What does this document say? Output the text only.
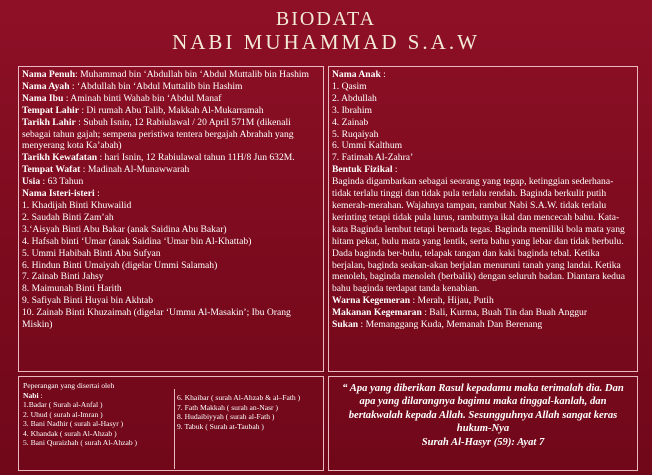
BIODATA
NABI MUHAMMAD S.A.W
Nama Penuh: Muhammad bin ‘Abdullah bin ‘Abdul Muttalib bin Hashim
Nama Ayah : ‘Abdullah bin ‘Abdul Muttalib bin Hashim
Nama Ibu : Aminah binti Wahab bin ‘Abdul Manaf
Tempat Lahir : Di rumah Abu Talib, Makkah Al-Mukarramah
Tarikh Lahir : Subuh Isnin, 12 Rabiulawal / 20 April 571M (dikenali sebagai tahun gajah; sempena peristiwa tentera bergajah Abrahah yang menyerang kota Ka’abah)
Tarikh Kewafatan : hari Isnin, 12 Rabiulawal tahun 11H/8 Jun 632M.
Tempat Wafat : Madinah Al-Munawwarah
Usia : 63 Tahun
Nama Isteri-isteri :
1. Khadijah Binti Khuwailid
2. Saudah Binti Zam’ah
3.‘Aisyah Binti Abu Bakar (anak Saidina Abu Bakar)
4. Hafsah binti ‘Umar (anak Saidina ‘Umar bin Al-Khattab)
5. Ummi Habibah Binti Abu Sufyan
6. Hindun Binti Umaiyah (digelar Ummi Salamah)
7. Zainab Binti Jahsy
8. Maimunah Binti Harith
9. Safiyah Binti Huyai bin Akhtab
10. Zainab Binti Khuzaimah (digelar ‘Ummu Al-Masakin’; Ibu Orang Miskin)
Nama Anak :
1. Qasim
2. Abdullah
3. Ibrahim
4. Zainab
5. Ruqaiyah
6. Ummi Kalthum
7. Fatimah Al-Zahra’
Bentuk Fizikal :
Baginda digambarkan sebagai seorang yang tegap, ketinggian sederhana- tidak terlalu tinggi dan tidak pula terlalu rendah. Baginda berkulit putih kemerah-merahan. Wajahnya tampan, rambut Nabi S.A.W. tidak terlalu kerinting tetapi tidak pula lurus, rambutnya ikal dan mencecah bahu. Kata-kata Baginda lembut tetapi bernada tegas. Baginda memiliki bola mata yang hitam pekat, bulu mata yang lentik, serta bahu yang lebar dan tidak berbulu. Dada baginda ber-bulu, telapak tangan dan kaki baginda tebal. Ketika berjalan, baginda seakan-akan berjalan menuruni tanah yang landai. Ketika menoleh, baginda menoleh (berbalik) dengan seluruh badan. Diantara kedua bahu baginda terdapat tanda kenabian.
Warna Kegemeran : Merah, Hijau, Putih
Makanan Kegemaran : Bali, Kurma, Buah Tin dan Buah Anggur
Sukan : Memanggang Kuda, Memanah Dan Berenang
Peperangan yang disertai oleh
Nabi :
1.Badar ( Surah al-Anfal )
2. Uhud ( surah al-Imran )
3. Bani Nadhir ( surah al-Hasyr )
4. Khandak ( surah Al-Ahzab )
5. Bani Quraizhah ( surah Al-Ahzab )
6. Khaibar ( surah Al-Ahzab & al–Fath )
7. Fath Makkah ( surah an-Nasr )
8. Hudaibiyyah ( surah al-Fath )
9. Tabuk ( Surah at-Taubah )
“ Apa yang diberikan Rasul kepadamu maka terimalah dia. Dan apa yang dilarangnya bagimu maka tinggal-kanlah, dan bertakwalah kepada Allah. Sesungguhnya Allah sangat keras hukum-Nya
Surah Al-Hasyr (59): Ayat 7
